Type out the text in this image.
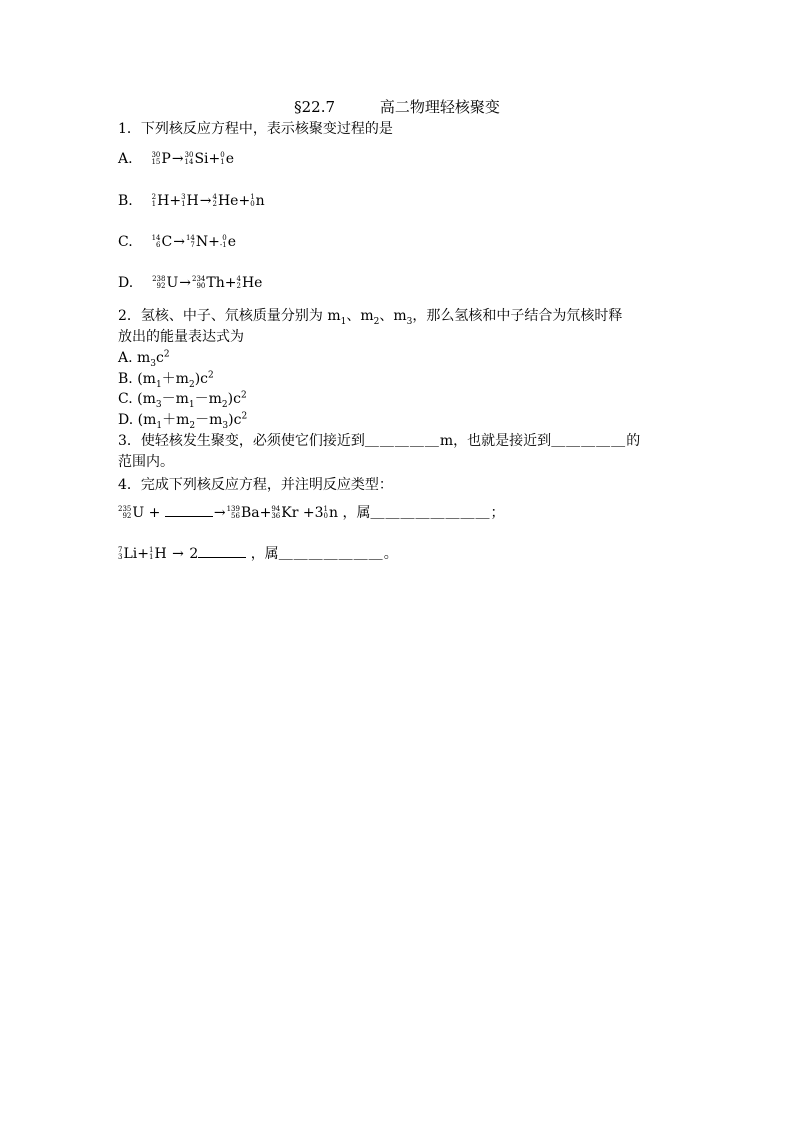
§22.7	高二物理轻核聚变
1．下列核反应方程中，表示核聚变过程的是
A.	30
15 P→ 30
14 Si+ 0
1 e
B.	2
1 H+ 3
1 H→ 4
2 He+ 1
0 n
C.	14
6 C→ 14
7 N+ 0
-1 e
D.	238
92 U→ 234
90 Th+ 4
2 He
2．氢核、中子、氘核质量分别为 $m_1$、$m_2$、$m_3$，那么氢核和中子结合为氘核时释
放出的能量表达式为
A. $m_3c^2$
B. $(m_1+m_2)c^2$
C. $(m_3-m_1-m_2)c^2$
D. $(m_1+m_2-m_3)c^2$
3．使轻核发生聚变，必须使它们接近到＿＿＿＿＿m，也就是接近到＿＿＿＿＿的
范围内。
4．完成下列核反应方程，并注明反应类型：
235
92 U +	→ 139
56 Ba+ 94
36 Kr +3 1
0 n ，属＿＿＿＿＿＿＿＿；
7
3 Li+ 1
1 H → 2	，属＿＿＿＿＿＿＿。
